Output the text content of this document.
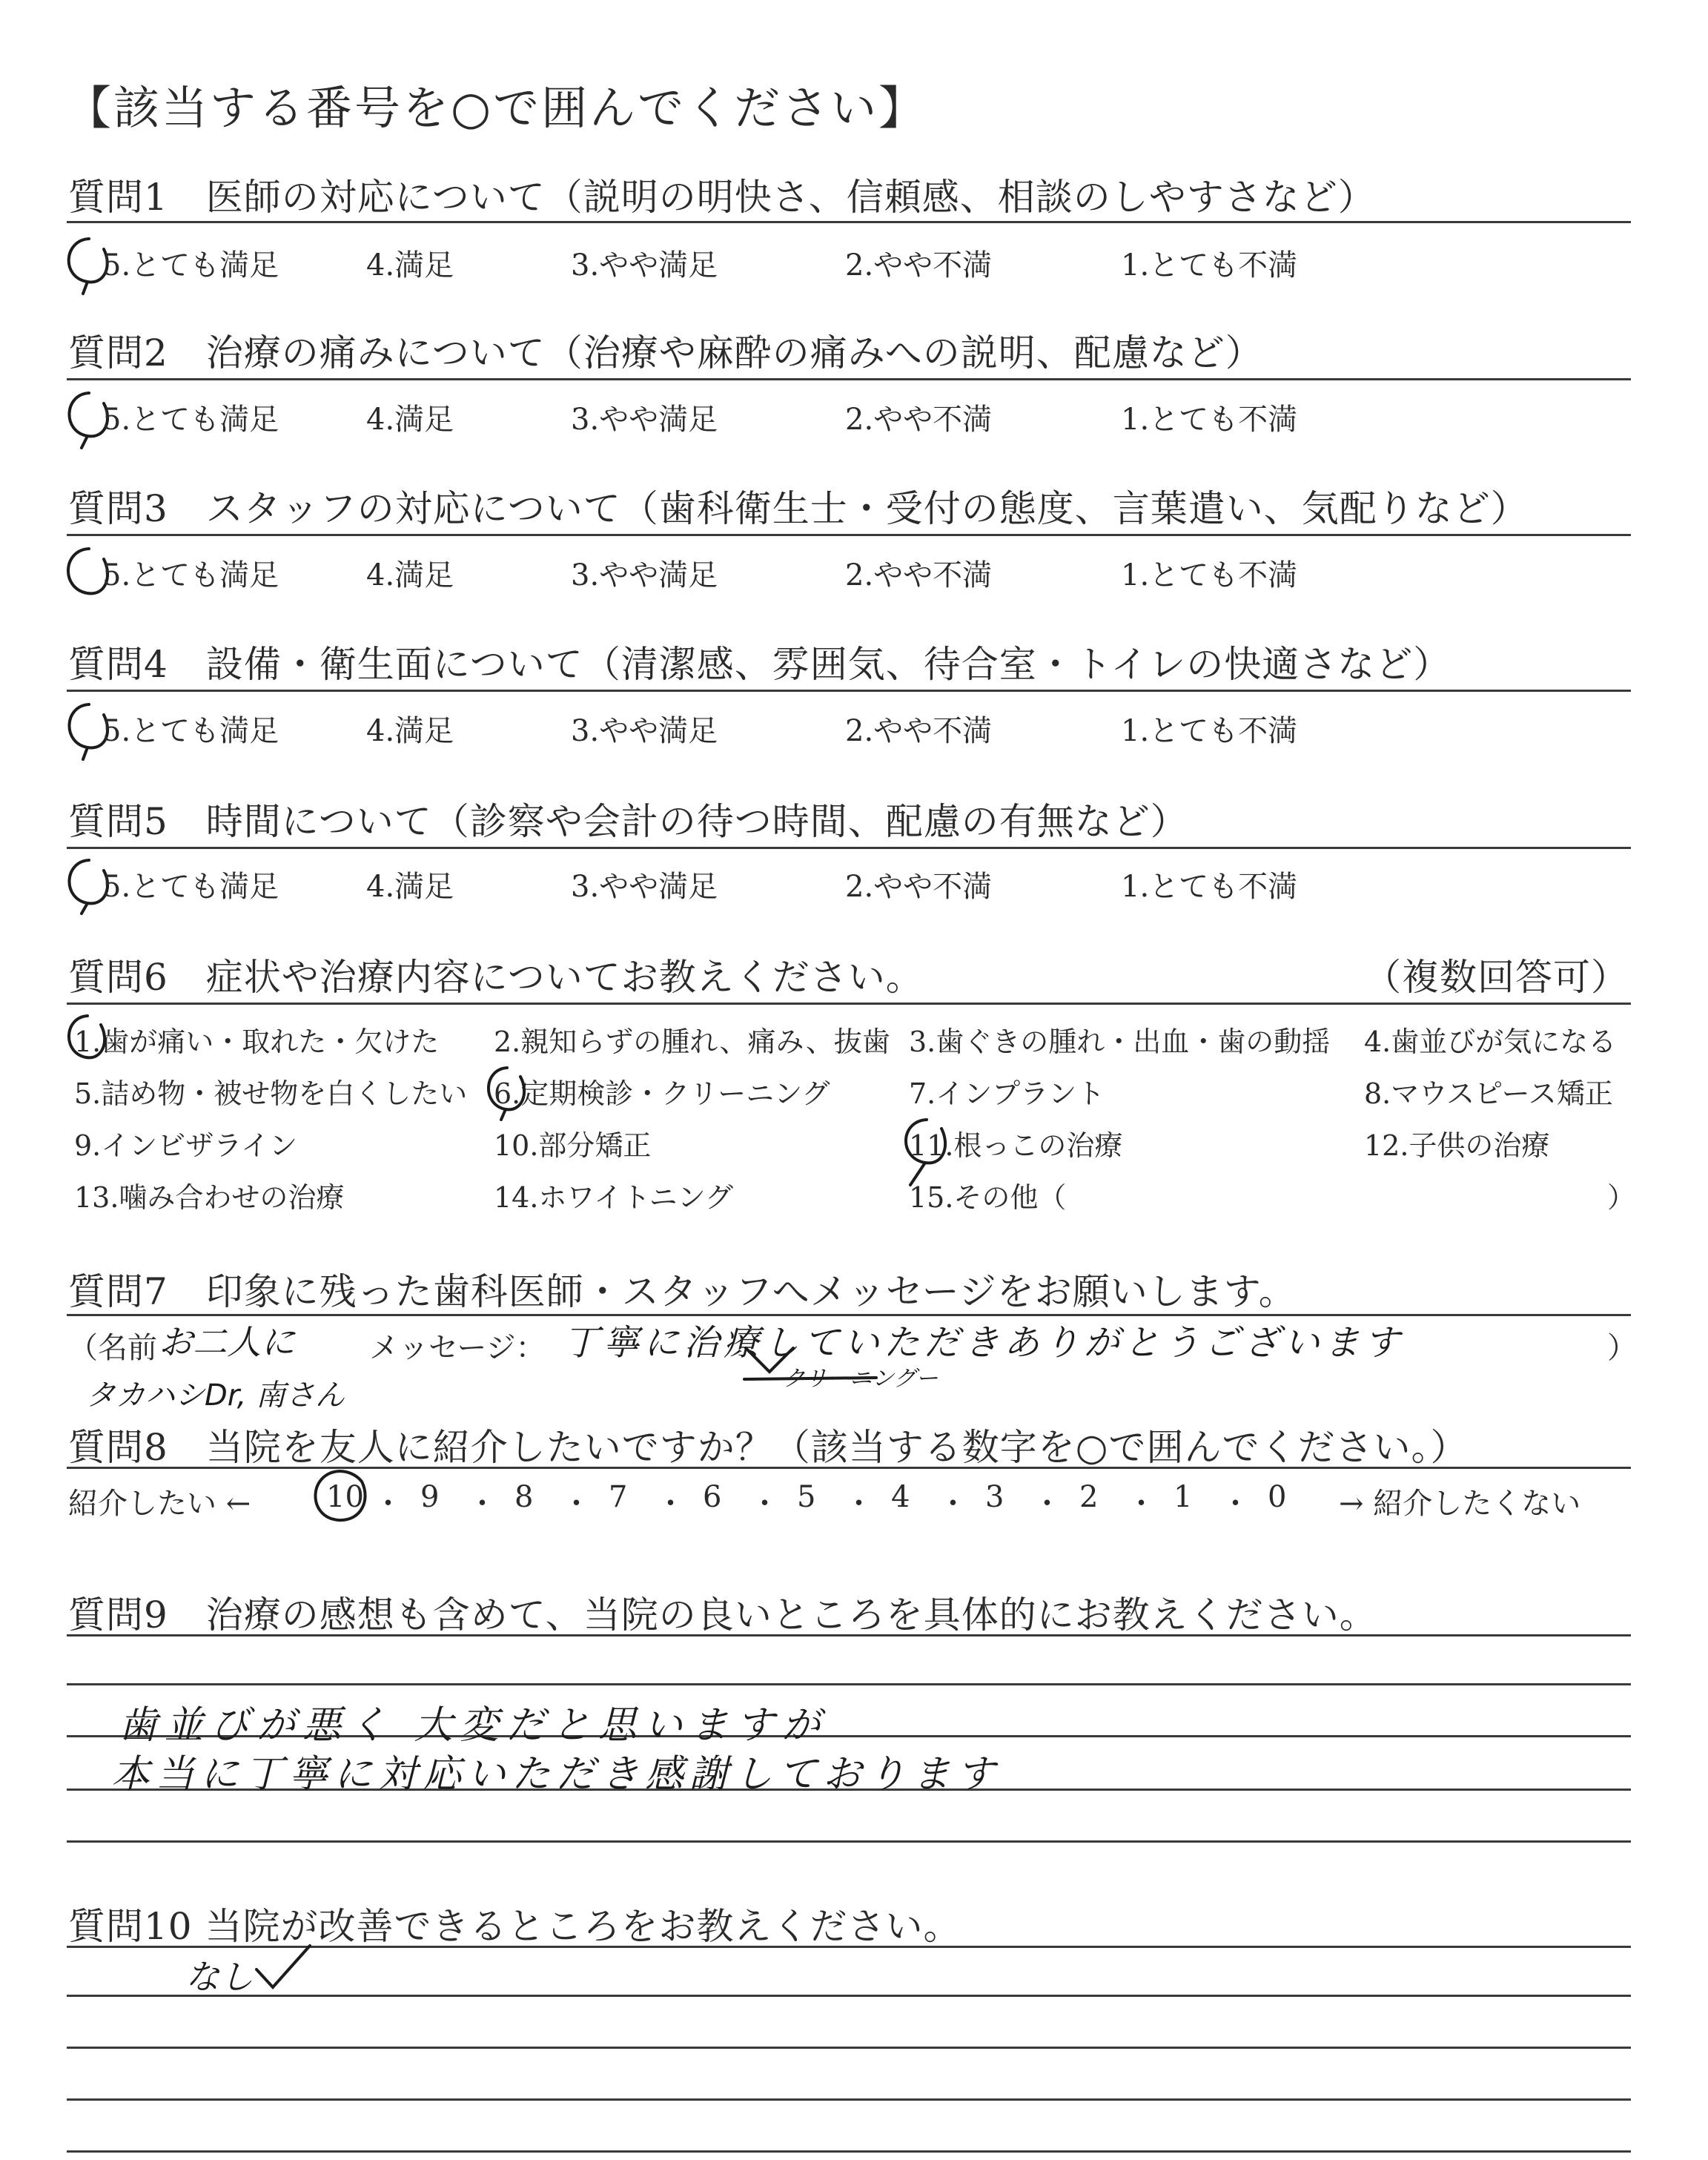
【該当する番号を○で囲んでください】
質問1　医師の対応について（説明の明快さ、信頼感、相談のしやすさなど）
質問2　治療の痛みについて（治療や麻酔の痛みへの説明、配慮など）
質問3　スタッフの対応について（歯科衛生士・受付の態度、言葉遣い、気配りなど）
質問4　設備・衛生面について（清潔感、雰囲気、待合室・トイレの快適さなど）
質問5　時間について（診察や会計の待つ時間、配慮の有無など）
質問6　症状や治療内容についてお教えください。	（複数回答可）
1.歯が痛い・取れた・欠けた 2.親知らずの腫れ、痛み、抜歯 3.歯ぐきの腫れ・出血・歯の動揺 4.歯並びが気になる
5.詰め物・被せ物を白くしたい 6.定期検診・クリーニング	7.インプラント	8.マウスピース矯正
9.インビザライン	10.部分矯正	11.根っこの治療	12.子供の治療
13.噛み合わせの治療	14.ホワイトニング	15.その他（	）
質問7　印象に残った歯科医師・スタッフへメッセージをお願いします。
（名前 お二人に	メッセージ： 丁寧に治療していただきありがとうございます	）
タカハシDr, 南さん	クリーニングー
質問8　当院を友人に紹介したいですか？（該当する数字を○で囲んでください。）
紹介したい ←	10 ・ 9 ・ 8 ・ 7 ・ 6 ・ 5 ・ 4 ・ 3 ・ 2 ・ 1 ・ 0 → 紹介したくない
質問9　治療の感想も含めて、当院の良いところを具体的にお教えください。
歯並びが悪く 大変だと思いますが
本当に丁寧に対応いただき感謝しております
質問10 当院が改善できるところをお教えください。
なし
5.とても満足	4.満足	3.やや満足	2.やや不満	1.とても不満
5.とても満足	4.満足	3.やや満足	2.やや不満	1.とても不満
5.とても満足	4.満足	3.やや満足	2.やや不満	1.とても不満
5.とても満足	4.満足	3.やや満足	2.やや不満	1.とても不満
5.とても満足	4.満足	3.やや満足	2.やや不満	1.とても不満
